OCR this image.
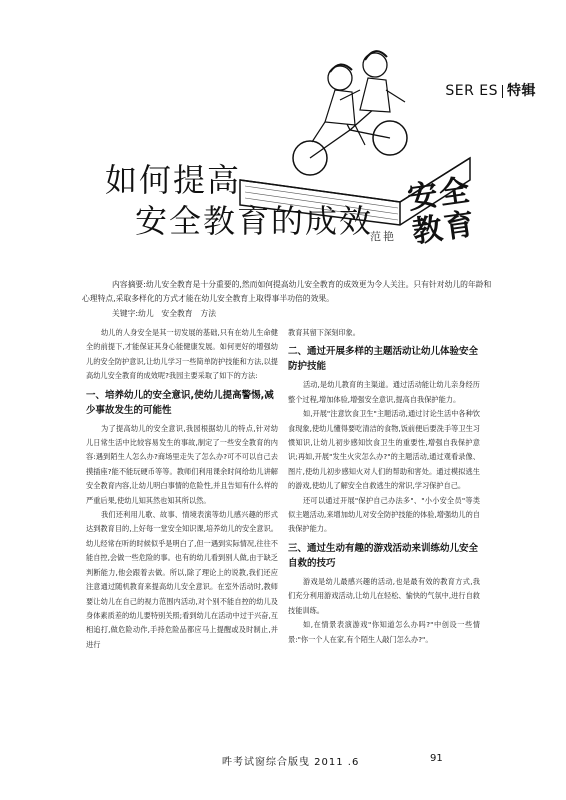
SER ES 特辑
如何提高
安全教育的成效
范艳
安全
教育
内容摘要:幼儿安全教育是十分重要的,然而如何提高幼儿安全教育的成效更为令人关注。只有针对幼儿的年龄和心理特点,采取多样化的方式才能在幼儿安全教育上取得事半功倍的效果。
关键字:幼儿　安全教育　方法

幼儿的人身安全是其一切发展的基础,只有在幼儿生命健全的前提下,才能保证其身心能健康发展。如何更好的增强幼儿的安全防护意识,让幼儿学习一些简单防护技能和方法,以提高幼儿安全教育的成效呢?我园主要采取了如下的方法:

一、培养幼儿的安全意识,使幼儿提高警惕,减少事故发生的可能性

为了提高幼儿的安全意识,我园根据幼儿的特点,针对幼儿日常生活中比较容易发生的事故,制定了一些安全教育的内容:遇到陌生人怎么办?商场里走失了怎么办?可不可以自己去摸插座?能不能玩硬币等等。教师们利用课余时间给幼儿讲解安全教育内容,让幼儿明白事情的危险性,并且告知有什么样的严重后果,使幼儿知其然也知其所以然。

我们还利用儿歌、故事、情境表演等幼儿感兴趣的形式达到教育目的,上好每一堂安全知识课,培养幼儿的安全意识。幼儿经常在听的时候似乎是明白了,但一遇到实际情况,往往不能自控,会做一些危险的事。也有的幼儿看到别人做,由于缺乏判断能力,他会跟着去做。所以,除了理论上的说教,我们还应注意通过随机教育来提高幼儿安全意识。在室外活动时,教师要让幼儿在自己的视力范围内活动,对个别不能自控的幼儿及身体素质差的幼儿要特别关照;看到幼儿在活动中过于兴奋,互相追打,做危险动作,手持危险品都应马上提醒或及时制止,并进行

教育其留下深刻印象。

二、通过开展多样的主题活动让幼儿体验安全防护技能

活动,是幼儿教育的主渠道。通过活动能让幼儿亲身经历整个过程,增加体验,增强安全意识,提高自我保护能力。

如,开展"注意饮食卫生"主题活动,通过讨论生活中各种饮食现象,使幼儿懂得要吃清洁的食物,饭前便后要洗手等卫生习惯知识,让幼儿初步感知饮食卫生的重要性,增强自我保护意识;再如,开展"发生火灾怎么办?"的主题活动,通过观看录像、图片,使幼儿初步感知火对人们的帮助和害处。通过模拟逃生的游戏,使幼儿了解安全自救逃生的常识,学习保护自己。

还可以通过开展"保护自己办法多"、"小小安全员"等类似主题活动,来增加幼儿对安全防护技能的体验,增强幼儿的自我保护能力。

三、通过生动有趣的游戏活动来训练幼儿安全自救的技巧

游戏是幼儿最感兴趣的活动,也是最有效的教育方式,我们充分利用游戏活动,让幼儿在轻松、愉快的气氛中,进行自救技能训练。

如,在情景表演游戏"你知道怎么办吗?"中创设一些情景:"你一个人在家,有个陌生人敲门怎么办?"。

吽考试窗综合版曳 2011 .6	91
